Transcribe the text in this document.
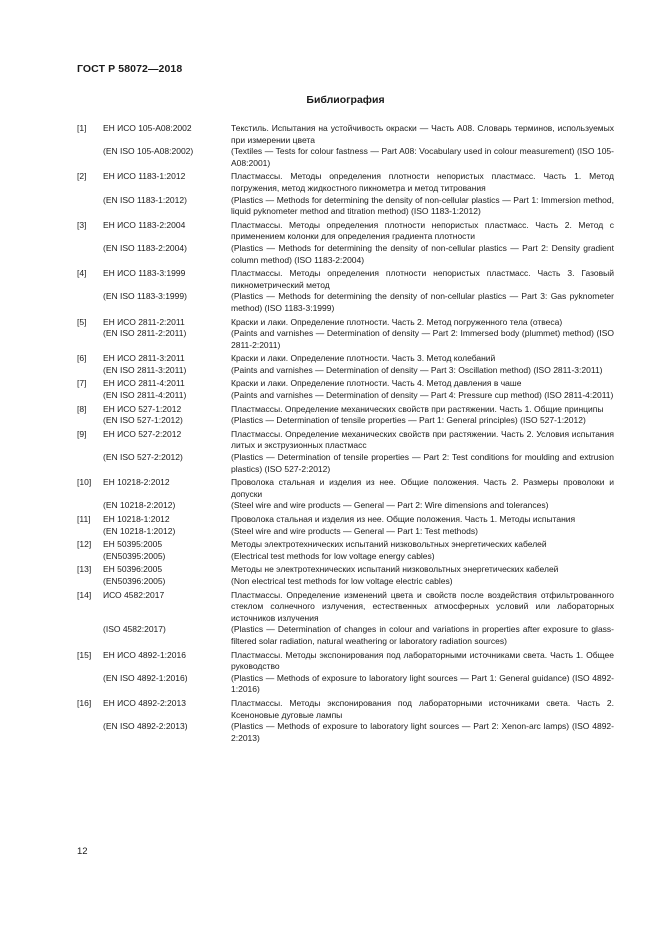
ГОСТ Р 58072—2018
Библиография
[1]	ЕН ИСО 105-А08:2002	Текстиль. Испытания на устойчивость окраски — Часть А08. Словарь терминов, используемых при измерении цвета
(EN ISO 105-A08:2002)	(Textiles — Tests for colour fastness — Part A08: Vocabulary used in colour measurement) (ISO 105-A08:2001)
[2]	ЕН ИСО 1183-1:2012	Пластмассы. Методы определения плотности непористых пластмасс. Часть 1. Метод погружения, метод жидкостного пикнометра и метод титрования
(EN ISO 1183-1:2012)	(Plastics — Methods for determining the density of non-cellular plastics — Part 1: Immersion method, liquid pyknometer method and titration method) (ISO 1183-1:2012)
[3]	ЕН ИСО 1183-2:2004	Пластмассы. Методы определения плотности непористых пластмасс. Часть 2. Метод с применением колонки для определения градиента плотности
(EN ISO 1183-2:2004)	(Plastics — Methods for determining the density of non-cellular plastics — Part 2: Density gradient column method) (ISO 1183-2:2004)
[4]	ЕН ИСО 1183-3:1999	Пластмассы. Методы определения плотности непористых пластмасс. Часть 3. Газовый пикнометрический метод
(EN ISO 1183-3:1999)	(Plastics — Methods for determining the density of non-cellular plastics — Part 3: Gas pyknometer method) (ISO 1183-3:1999)
[5]	ЕН ИСО 2811-2:2011	Краски и лаки. Определение плотности. Часть 2. Метод погруженного тела (отвеса)
(EN ISO 2811-2:2011)	(Paints and varnishes — Determination of density — Part 2: Immersed body (plummet) method) (ISO 2811-2:2011)
[6]	ЕН ИСО 2811-3:2011	Краски и лаки. Определение плотности. Часть 3. Метод колебаний
(EN ISO 2811-3:2011)	(Paints and varnishes — Determination of density — Part 3: Oscillation method) (ISO 2811-3:2011)
[7]	ЕН ИСО 2811-4:2011	Краски и лаки. Определение плотности. Часть 4. Метод давления в чаше
(EN ISO 2811-4:2011)	(Paints and varnishes — Determination of density — Part 4: Pressure cup method) (ISO 2811-4:2011)
[8]	ЕН ИСО 527-1:2012	Пластмассы. Определение механических свойств при растяжении. Часть 1. Общие принципы
(EN ISO 527-1:2012)	(Plastics — Determination of tensile properties — Part 1: General principles) (ISO 527-1:2012)
[9]	ЕН ИСО 527-2:2012	Пластмассы. Определение механических свойств при растяжении. Часть 2. Условия испытания литых и экструзионных пластмасс
(EN ISO 527-2:2012)	(Plastics — Determination of tensile properties — Part 2: Test conditions for moulding and extrusion plastics) (ISO 527-2:2012)
[10]	ЕН 10218-2:2012	Проволока стальная и изделия из нее. Общие положения. Часть 2. Размеры проволоки и допуски
(EN 10218-2:2012)	(Steel wire and wire products — General — Part 2: Wire dimensions and tolerances)
[11]	ЕН 10218-1:2012	Проволока стальная и изделия из нее. Общие положения. Часть 1. Методы испытания
(EN 10218-1:2012)	(Steel wire and wire products — General — Part 1: Test methods)
[12]	EH 50395:2005	Методы электротехнических испытаний низковольтных энергетических кабелей
(EN50395:2005)	(Electrical test methods for low voltage energy cables)
[13]	EH 50396:2005	Методы не электротехнических испытаний низковольтных энергетических кабелей
(EN50396:2005)	(Non electrical test methods for low voltage electric cables)
[14]	ИСО 4582:2017	Пластмассы. Определение изменений цвета и свойств после воздействия отфильтрованного стеклом солнечного излучения, естественных атмосферных условий или лабораторных источников излучения
(ISO 4582:2017)	(Plastics — Determination of changes in colour and variations in properties after exposure to glass-filtered solar radiation, natural weathering or laboratory radiation sources)
[15]	ЕН ИСО 4892-1:2016	Пластмассы. Методы экспонирования под лабораторными источниками света. Часть 1. Общее руководство
(EN ISO 4892-1:2016)	(Plastics — Methods of exposure to laboratory light sources — Part 1: General guidance) (ISO 4892-1:2016)
[16]	ЕН ИСО 4892-2:2013	Пластмассы. Методы экспонирования под лабораторными источниками света. Часть 2. Ксеноновые дуговые лампы
(EN ISO 4892-2:2013)	(Plastics — Methods of exposure to laboratory light sources — Part 2: Xenon-arc lamps) (ISO 4892-2:2013)
12
